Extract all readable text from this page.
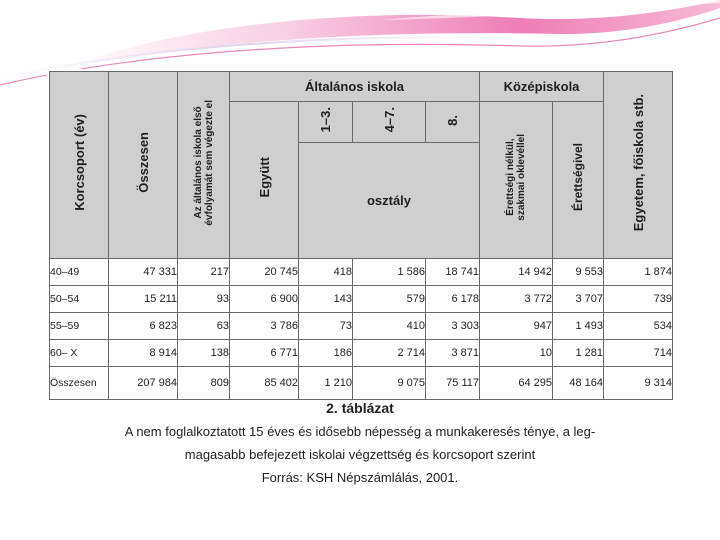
Korcsoport (év)	Összesen	Az általános iskola első évfolyamát sem végezte el	Általános iskola				Középiskola		Egyetem, főiskola stb.
			Együtt	1–3.	4–7.	8.	Érettségi nélkül, szakmai oklevéllel	Érettségivel	
				osztály					
40–49	47 331	217	20 745	418	1 586	18 741	14 942	9 553	1 874
50–54	15 211	93	6 900	143	579	6 178	3 772	3 707	739
55–59	6 823	63	3 786	73	410	3 303	947	1 493	534
60– X	8 914	138	6 771	186	2 714	3 871	10	1 281	714
Összesen	207 984	809	85 402	1 210	9 075	75 117	64 295	48 164	9 314
2. táblázat
A nem foglalkoztatott 15 éves és idősebb népesség a munkakeresés ténye, a leg-
magasabb befejezett iskolai végzettség és korcsoport szerint
Forrás: KSH Népszámlálás, 2001.
